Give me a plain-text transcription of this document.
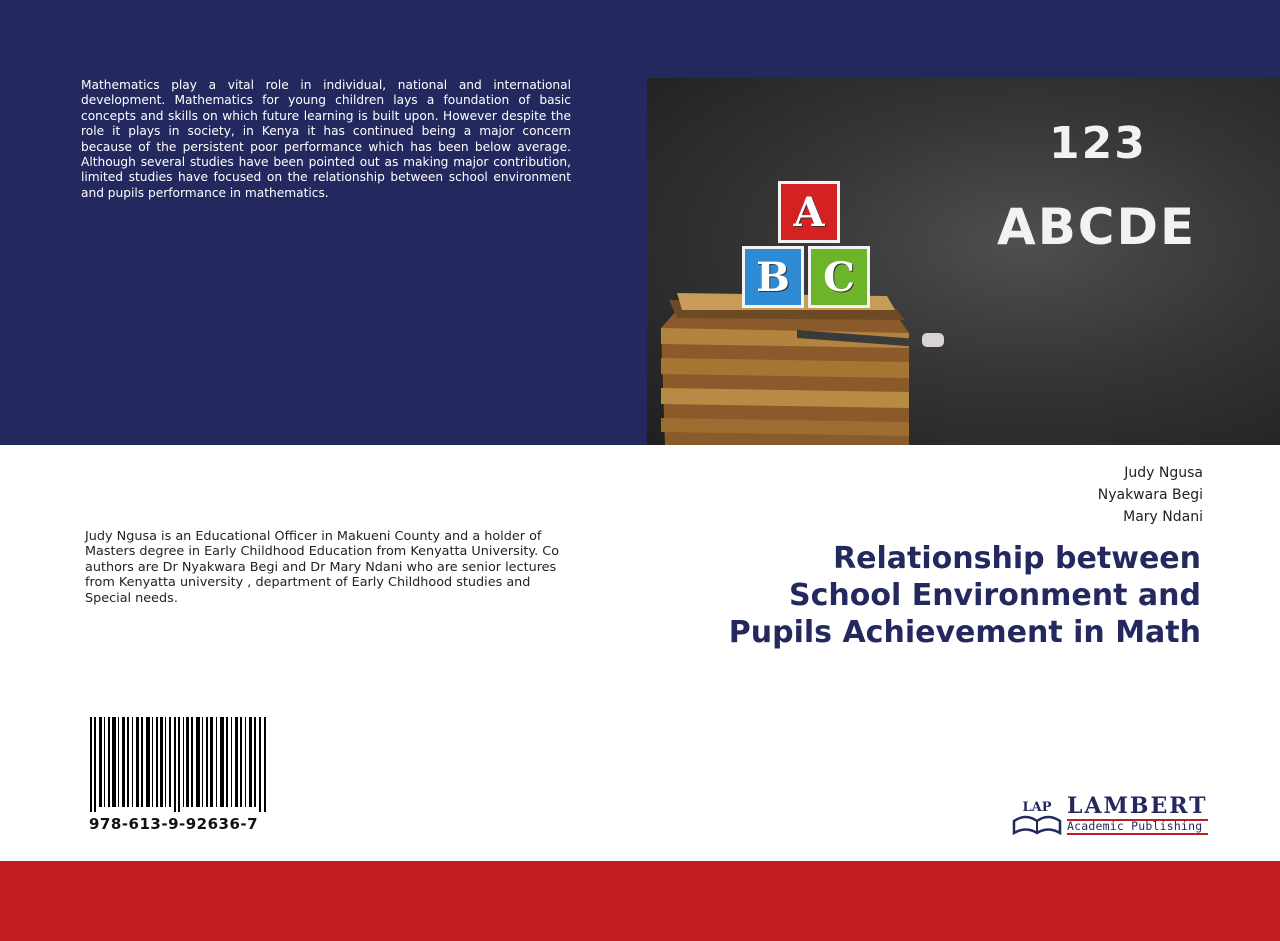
Mathematics play a vital role in individual, national and international development. Mathematics for young children lays a foundation of basic concepts and skills on which future learning is built upon. However despite the role it plays in society, in Kenya it has continued being a major concern because of the persistent poor performance which has been below average. Although several studies have been pointed out as making major contribution, limited studies have focused on the relationship between school environment and pupils performance in mathematics.

123
ABCDE
A
B C
Judy Ngusa
Nyakwara Begi
Mary Ndani
Relationship between
School Environment and
Pupils Achievement in Math

Judy Ngusa is an Educational Officer in Makueni County and a holder of Masters degree in Early Childhood Education from Kenyatta University. Co authors are Dr Nyakwara Begi and Dr Mary Ndani who are senior lectures from Kenyatta university , department of Early Childhood studies and Special needs.

978-613-9-92636-7
LAP LAMBERT
Academic Publishing
